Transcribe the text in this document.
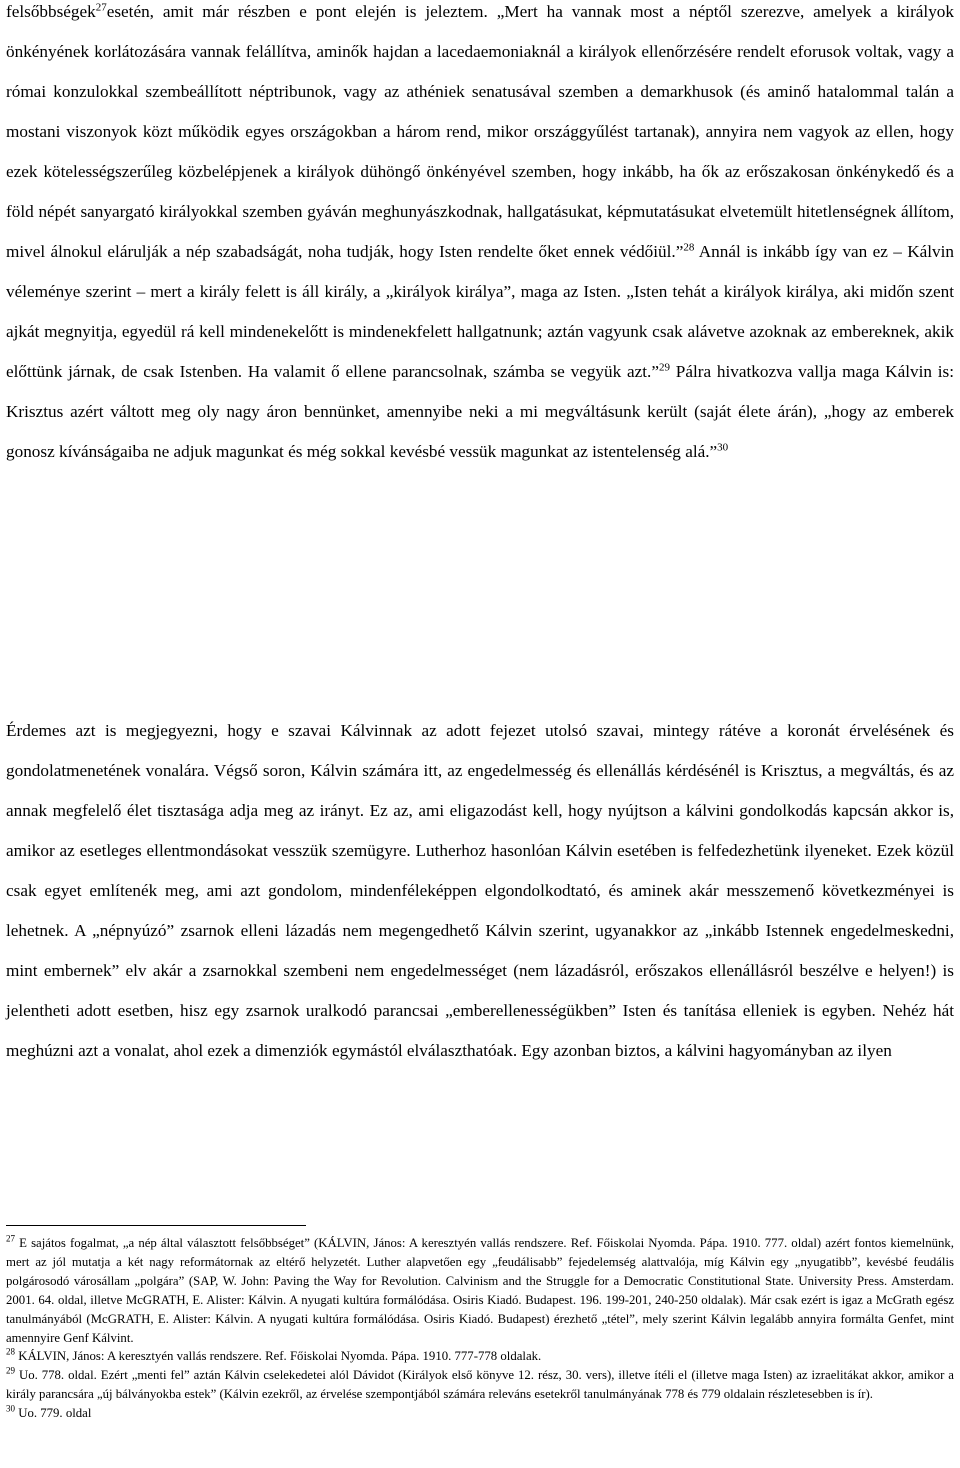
felsőbbségek$^{27}$esetén, amit már részben e pont elején is jeleztem. „Mert ha vannak most a néptől szerezve, amelyek a királyok önkényének korlátozására vannak felállítva, aminők hajdan a lacedaemoniaknál a királyok ellenőrzésére rendelt eforusok voltak, vagy a római konzulokkal szembeállított néptribunok, vagy az athéniek senatusával szemben a demarkhusok (és aminő hatalommal talán a mostani viszonyok közt működik egyes országokban a három rend, mikor országgyűlést tartanak), annyira nem vagyok az ellen, hogy ezek kötelességszerűleg közbelépjenek a királyok dühöngő önkényével szemben, hogy inkább, ha ők az erőszakosan önkénykedő és a föld népét sanyargató királyokkal szemben gyáván meghunyászkodnak, hallgatásukat, képmutatásukat elvetemült hitetlenségnek állítom, mivel álnokul elárulják a nép szabadságát, noha tudják, hogy Isten rendelte őket ennek védőiül.”$^{28}$ Annál is inkább így van ez – Kálvin véleménye szerint – mert a király felett is áll király, a „királyok királya”, maga az Isten. „Isten tehát a királyok királya, aki midőn szent ajkát megnyitja, egyedül rá kell mindenekelőtt is mindenekfelett hallgatnunk; aztán vagyunk csak alávetve azoknak az embereknek, akik előttünk járnak, de csak Istenben. Ha valamit ő ellene parancsolnak, számba se vegyük azt.”$^{29}$ Pálra hivatkozva vallja maga Kálvin is: Krisztus azért váltott meg oly nagy áron bennünket, amennyibe neki a mi megváltásunk került (saját élete árán), „hogy az emberek gonosz kívánságaiba ne adjuk magunkat és még sokkal kevésbé vessük magunkat az istentelenség alá.”$^{30}$

Érdemes azt is megjegyezni, hogy e szavai Kálvinnak az adott fejezet utolsó szavai, mintegy rátéve a koronát érvelésének és gondolatmenetének vonalára. Végső soron, Kálvin számára itt, az engedelmesség és ellenállás kérdésénél is Krisztus, a megváltás, és az annak megfelelő élet tisztasága adja meg az irányt. Ez az, ami eligazodást kell, hogy nyújtson a kálvini gondolkodás kapcsán akkor is, amikor az esetleges ellentmondásokat vesszük szemügyre. Lutherhoz hasonlóan Kálvin esetében is felfedezhetünk ilyeneket. Ezek közül csak egyet említenék meg, ami azt gondolom, mindenféleképpen elgondolkodtató, és aminek akár messzemenő következményei is lehetnek. A „népnyúzó” zsarnok elleni lázadás nem megengedhető Kálvin szerint, ugyanakkor az „inkább Istennek engedelmeskedni, mint embernek” elv akár a zsarnokkal szembeni nem engedelmességet (nem lázadásról, erőszakos ellenállásról beszélve e helyen!) is jelentheti adott esetben, hisz egy zsarnok uralkodó parancsai „emberellenességükben” Isten és tanítása elleniek is egyben. Nehéz hát meghúzni azt a vonalat, ahol ezek a dimenziók egymástól elválaszthatóak. Egy azonban biztos, a kálvini hagyományban az ilyen

$^{27}$ E sajátos fogalmat, „a nép által választott felsőbbséget” (KÁLVIN, János: A keresztyén vallás rendszere. Ref. Főiskolai Nyomda. Pápa. 1910. 777. oldal) azért fontos kiemelnünk, mert az jól mutatja a két nagy reformátornak az eltérő helyzetét. Luther alapvetően egy „feudálisabb” fejedelemség alattvalója, míg Kálvin egy „nyugatibb”, kevésbé feudális polgárosodó városállam „polgára” (SAP, W. John: Paving the Way for Revolution. Calvinism and the Struggle for a Democratic Constitutional State. University Press. Amsterdam. 2001. 64. oldal, illetve McGRATH, E. Alister: Kálvin. A nyugati kultúra formálódása. Osiris Kiadó. Budapest. 196. 199-201, 240-250 oldalak). Már csak ezért is igaz a McGrath egész tanulmányából (McGRATH, E. Alister: Kálvin. A nyugati kultúra formálódása. Osiris Kiadó. Budapest) érezhető „tétel”, mely szerint Kálvin legalább annyira formálta Genfet, mint amennyire Genf Kálvint.

$^{28}$ KÁLVIN, János: A keresztyén vallás rendszere. Ref. Főiskolai Nyomda. Pápa. 1910. 777-778 oldalak.

$^{29}$ Uo. 778. oldal. Ezért „menti fel” aztán Kálvin cselekedetei alól Dávidot (Királyok első könyve 12. rész, 30. vers), illetve ítéli el (illetve maga Isten) az izraelitákat akkor, amikor a király parancsára „új bálványokba estek” (Kálvin ezekről, az érvelése szempontjából számára releváns esetekről tanulmányának 778 és 779 oldalain részletesebben is ír).

$^{30}$ Uo. 779. oldal
